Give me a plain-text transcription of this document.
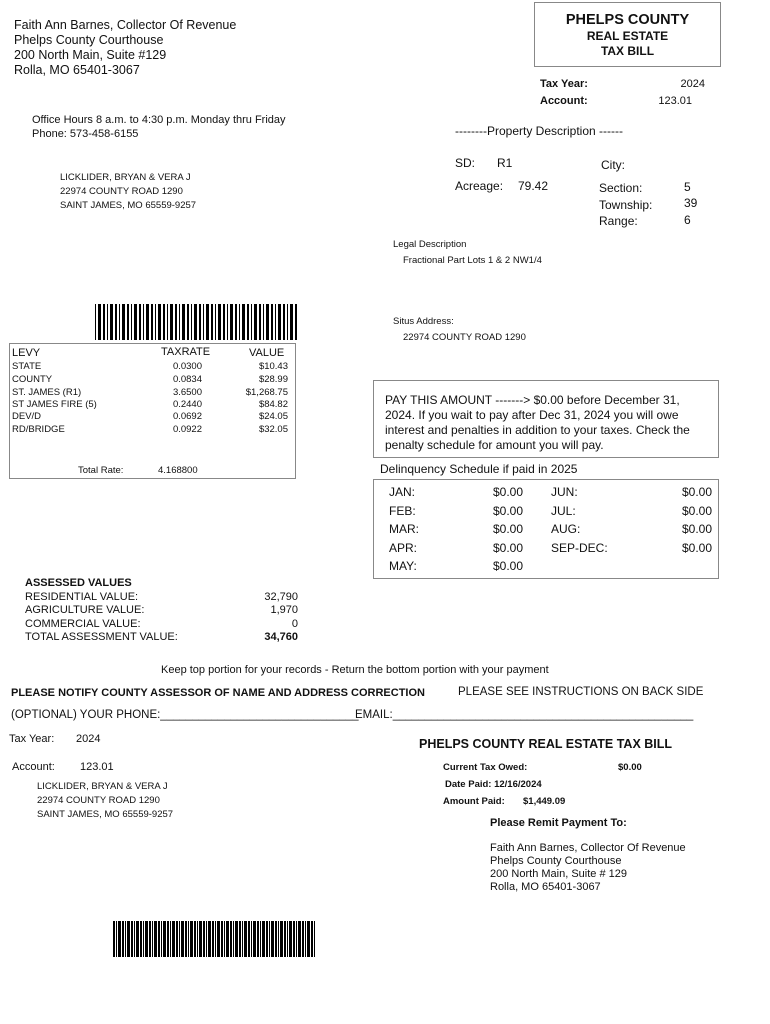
Faith Ann Barnes, Collector Of Revenue
Phelps County Courthouse
200 North Main, Suite #129
Rolla, MO 65401-3067
PHELPS COUNTY
REAL ESTATE
TAX BILL
Tax Year:	2024
Account:	123.01
Office Hours 8 a.m. to 4:30 p.m. Monday thru Friday
Phone: 573-458-6155
LICKLIDER, BRYAN & VERA J
22974 COUNTY ROAD 1290
SAINT JAMES, MO 65559-9257
--------Property Description ------
SD: R1	City:
Acreage: 79.42	Section:	5
Township:	39
Range:	6
Legal Description
Fractional Part Lots 1 & 2 NW1/4
Situs Address:
22974 COUNTY ROAD 1290
LEVY	TAXRATE	VALUE
STATE	0.0300	$10.43
COUNTY	0.0834	$28.99
ST. JAMES (R1)	3.6500	$1,268.75
ST JAMES FIRE (5)	0.2440	$84.82
DEV/D	0.0692	$24.05
RD/BRIDGE	0.0922	$32.05
Total Rate:	4.168800
PAY THIS AMOUNT -------> $0.00 before December 31,
2024. If you wait to pay after Dec 31, 2024 you will owe
interest and penalties in addition to your taxes. Check the
penalty schedule for amount you will pay.
Delinquency Schedule if paid in 2025
JAN:	$0.00
FEB:	$0.00
MAR:	$0.00
APR:	$0.00
MAY:	$0.00
JUN:	$0.00
JUL:	$0.00
AUG:	$0.00
SEP-DEC:	$0.00
ASSESSED VALUES
RESIDENTIAL VALUE:	32,790
AGRICULTURE VALUE:	1,970
COMMERCIAL VALUE:	0
TOTAL ASSESSMENT VALUE:	34,760
Keep top portion for your records - Return the bottom portion with your payment
PLEASE NOTIFY COUNTY ASSESSOR OF NAME AND ADDRESS CORRECTION	PLEASE SEE INSTRUCTIONS ON BACK SIDE
(OPTIONAL) YOUR PHONE:_______________________________
EMAIL:_______________________________________________
Tax Year: 2024
Account: 123.01
LICKLIDER, BRYAN & VERA J
22974 COUNTY ROAD 1290
SAINT JAMES, MO 65559-9257
PHELPS COUNTY REAL ESTATE TAX BILL
Current Tax Owed:	$0.00
Date Paid: 12/16/2024
Amount Paid: $1,449.09
Please Remit Payment To:
Faith Ann Barnes, Collector Of Revenue
Phelps County Courthouse
200 North Main, Suite # 129
Rolla, MO 65401-3067
